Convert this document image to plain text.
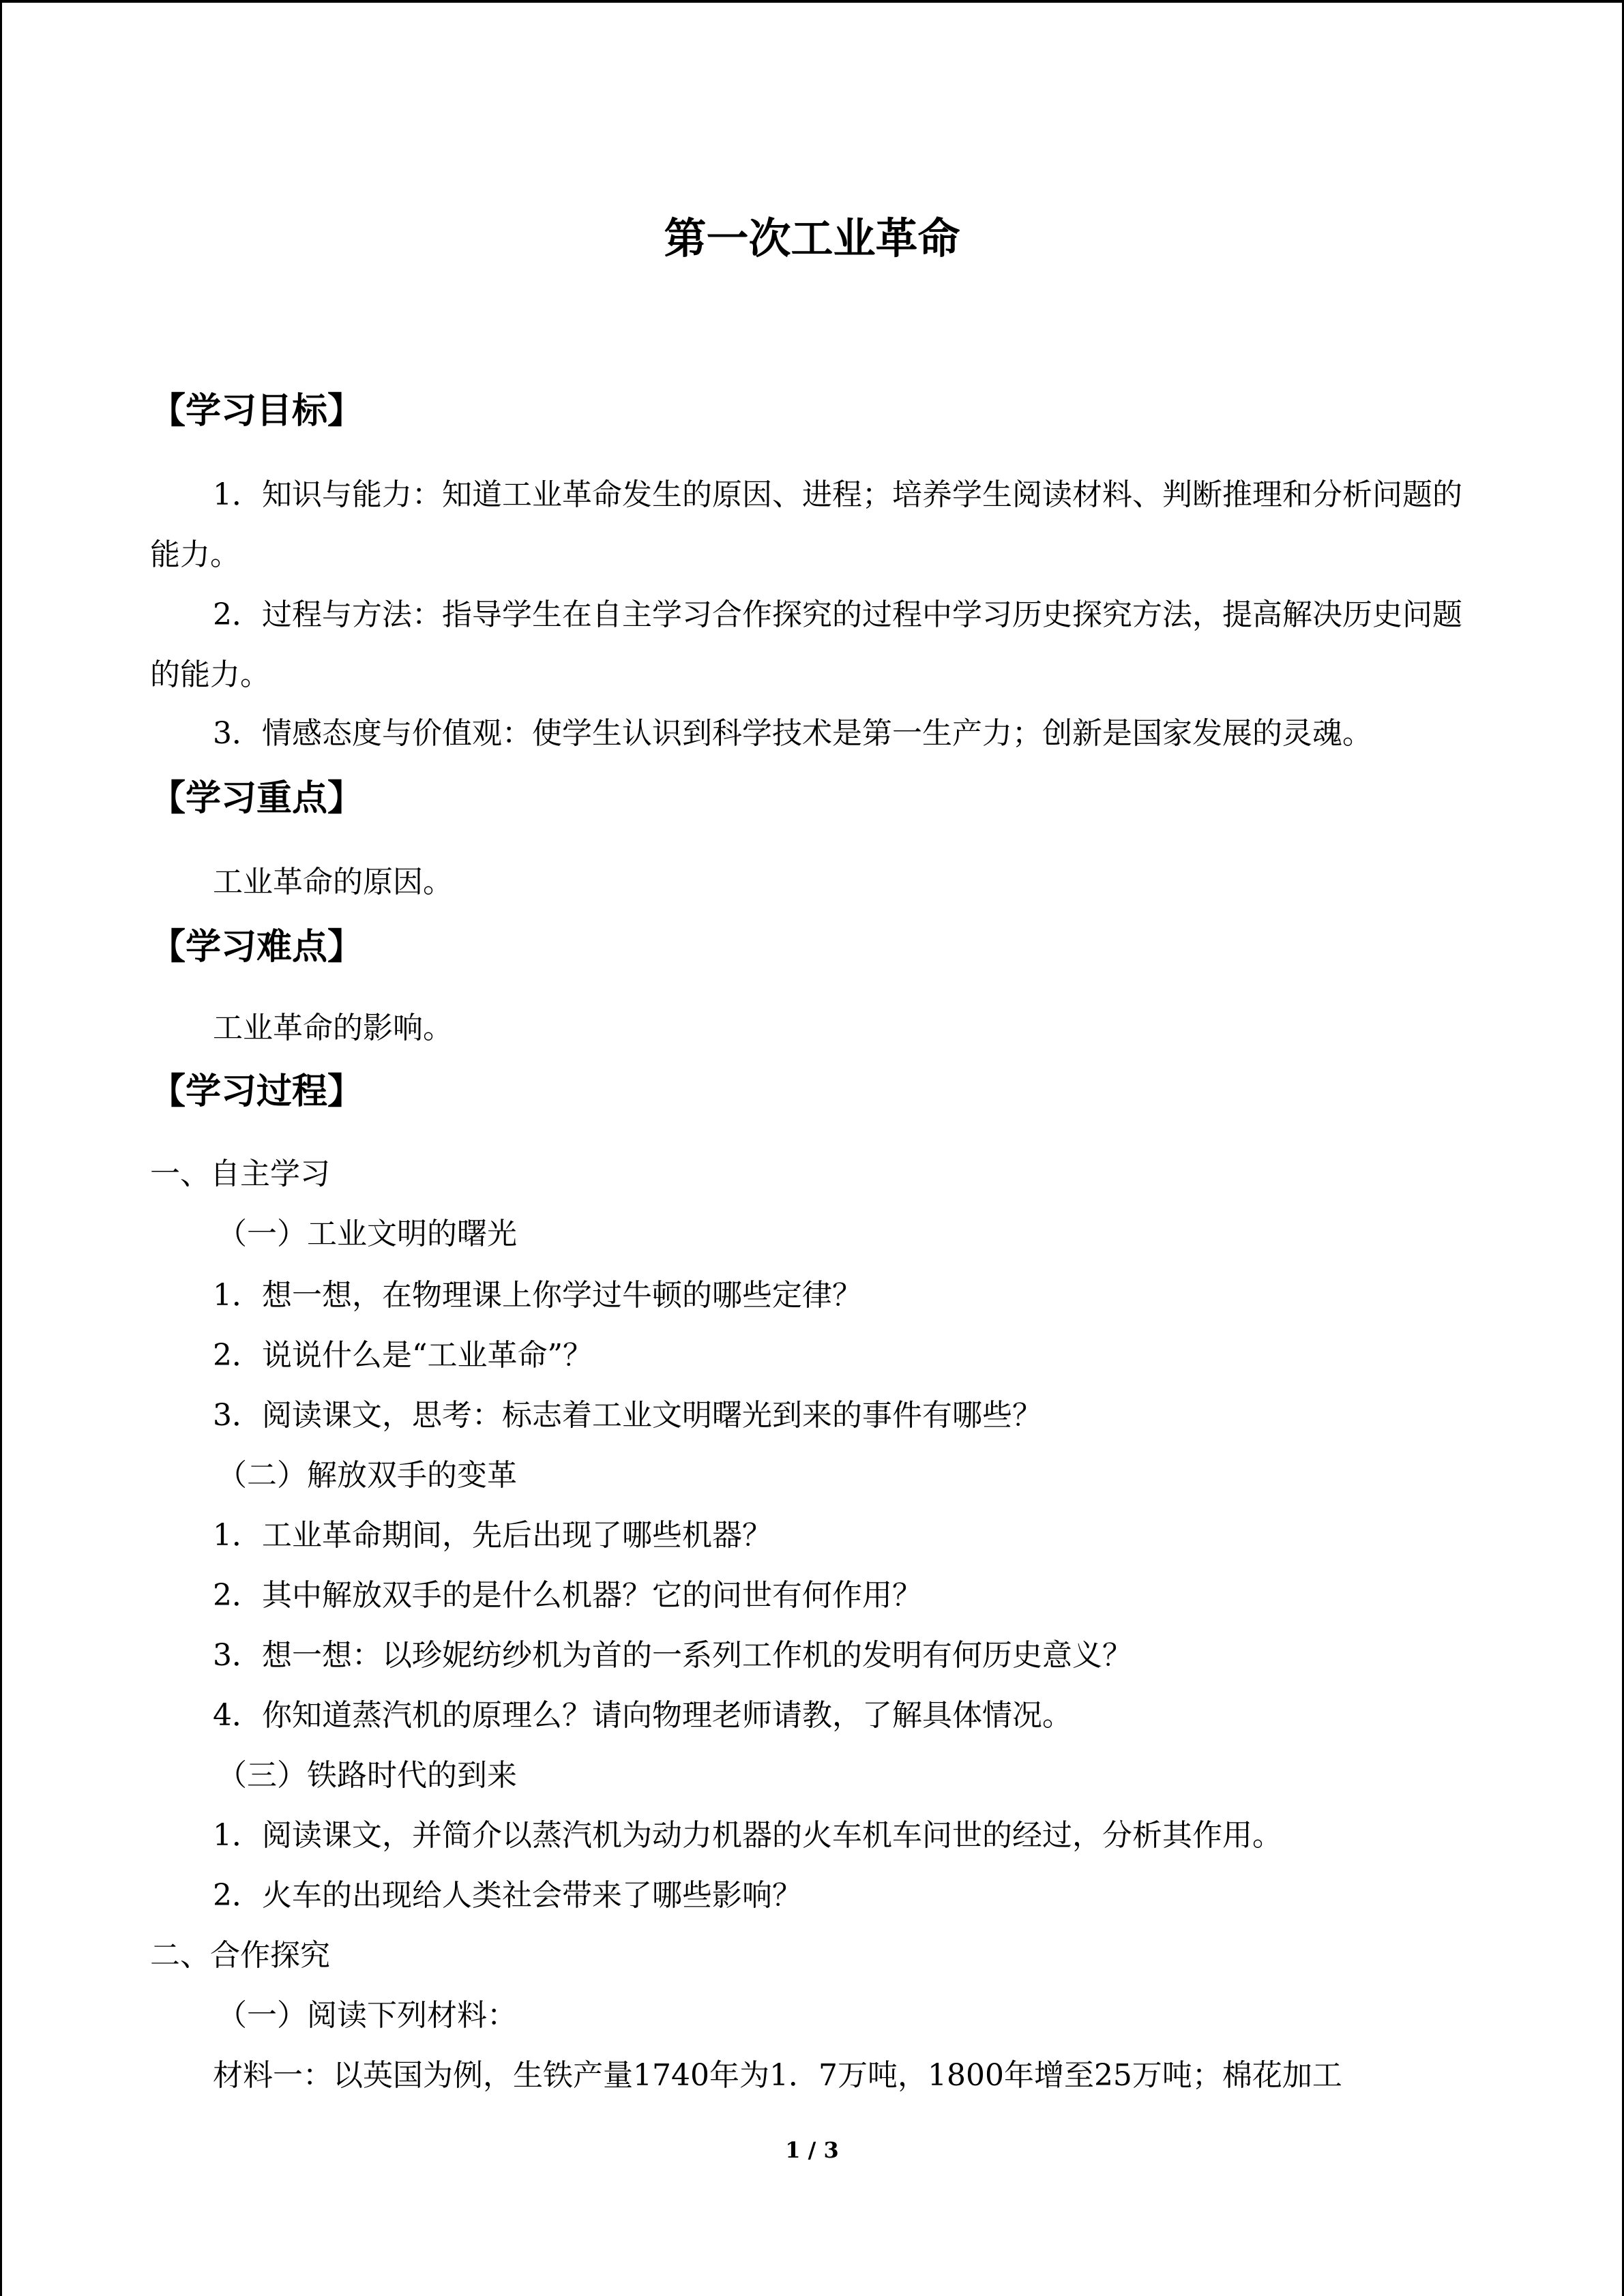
第一次工业革命
【学习目标】
1．知识与能力：知道工业革命发生的原因、进程；培养学生阅读材料、判断推理和分析问题的能力。
2．过程与方法：指导学生在自主学习合作探究的过程中学习历史探究方法，提高解决历史问题的能力。
3．情感态度与价值观：使学生认识到科学技术是第一生产力；创新是国家发展的灵魂。
【学习重点】
工业革命的原因。
【学习难点】
工业革命的影响。
【学习过程】
一、自主学习
（一）工业文明的曙光
1．想一想，在物理课上你学过牛顿的哪些定律？
2．说说什么是“工业革命”？
3．阅读课文，思考：标志着工业文明曙光到来的事件有哪些？
（二）解放双手的变革
1．工业革命期间，先后出现了哪些机器？
2．其中解放双手的是什么机器？它的问世有何作用？
3．想一想：以珍妮纺纱机为首的一系列工作机的发明有何历史意义？
4．你知道蒸汽机的原理么？请向物理老师请教，了解具体情况。
（三）铁路时代的到来
1．阅读课文，并简介以蒸汽机为动力机器的火车机车问世的经过，分析其作用。
2．火车的出现给人类社会带来了哪些影响？
二、合作探究
（一）阅读下列材料：
材料一：以英国为例，生铁产量1740年为1．7万吨，1800年增至25万吨；棉花加工
1 / 3
